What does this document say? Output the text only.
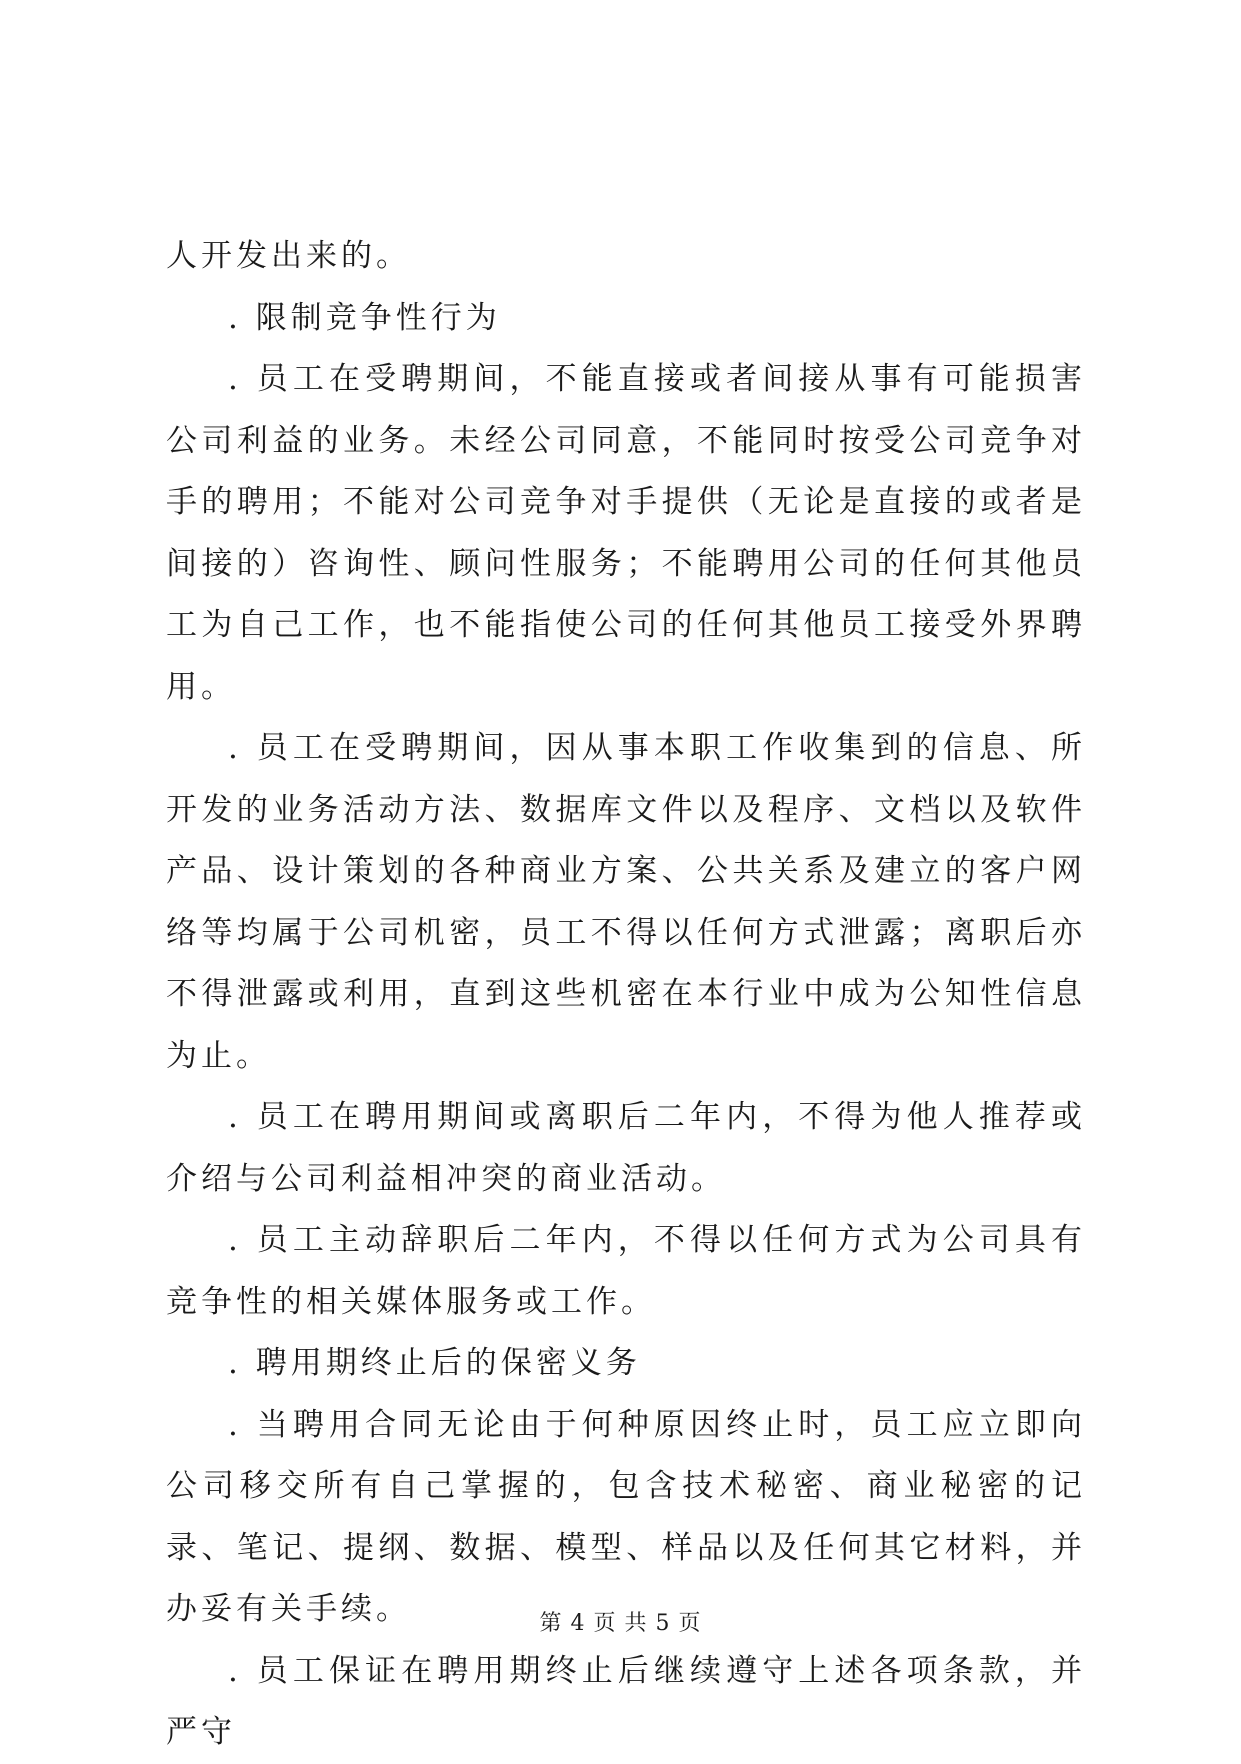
人开发出来的。

. 限制竞争性行为

. 员工在受聘期间，不能直接或者间接从事有可能损害公司利益的业务。未经公司同意，不能同时按受公司竞争对手的聘用；不能对公司竞争对手提供（无论是直接的或者是间接的）咨询性、顾问性服务；不能聘用公司的任何其他员工为自己工作，也不能指使公司的任何其他员工接受外界聘用。

. 员工在受聘期间，因从事本职工作收集到的信息、所开发的业务活动方法、数据库文件以及程序、文档以及软件产品、设计策划的各种商业方案、公共关系及建立的客户网络等均属于公司机密，员工不得以任何方式泄露；离职后亦不得泄露或利用，直到这些机密在本行业中成为公知性信息为止。

. 员工在聘用期间或离职后二年内，不得为他人推荐或介绍与公司利益相冲突的商业活动。

. 员工主动辞职后二年内，不得以任何方式为公司具有竞争性的相关媒体服务或工作。

. 聘用期终止后的保密义务

. 当聘用合同无论由于何种原因终止时，员工应立即向公司移交所有自己掌握的，包含技术秘密、商业秘密的记录、笔记、提纲、数据、模型、样品以及任何其它材料，并办妥有关手续。

. 员工保证在聘用期终止后继续遵守上述各项条款，并严守

第 4 页 共 5 页
